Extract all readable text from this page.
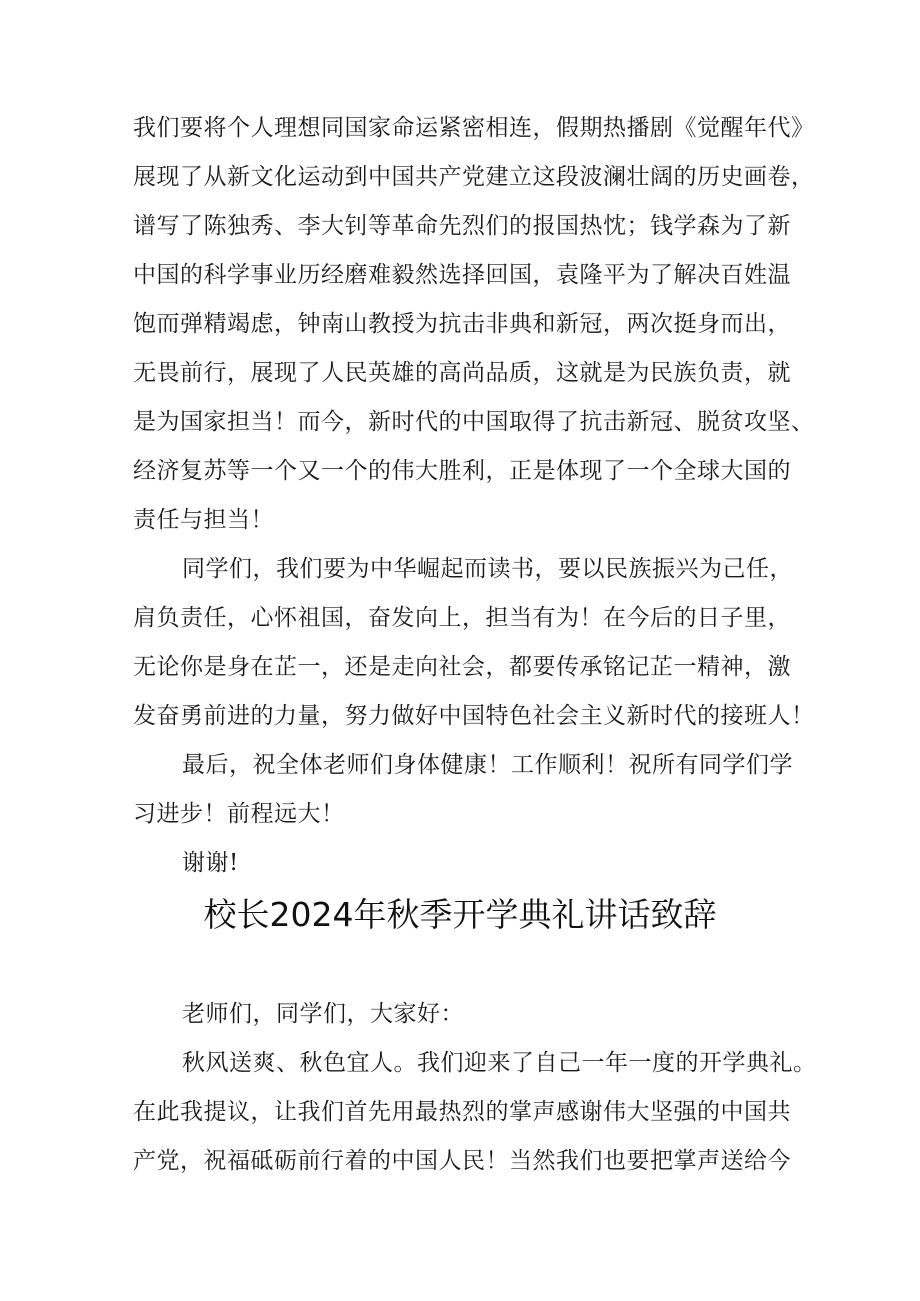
我们要将个人理想同国家命运紧密相连，假期热播剧《觉醒年代》
展现了从新文化运动到中国共产党建立这段波澜壮阔的历史画卷，
谱写了陈独秀、李大钊等革命先烈们的报国热忱；钱学森为了新
中国的科学事业历经磨难毅然选择回国，袁隆平为了解决百姓温
饱而弹精竭虑，钟南山教授为抗击非典和新冠，两次挺身而出，
无畏前行，展现了人民英雄的高尚品质，这就是为民族负责，就
是为国家担当！而今，新时代的中国取得了抗击新冠、脱贫攻坚、
经济复苏等一个又一个的伟大胜利，正是体现了一个全球大国的
责任与担当！
同学们，我们要为中华崛起而读书，要以民族振兴为己任，
肩负责任，心怀祖国，奋发向上，担当有为！在今后的日子里，
无论你是身在芷一，还是走向社会，都要传承铭记芷一精神，激
发奋勇前进的力量，努力做好中国特色社会主义新时代的接班人！
最后，祝全体老师们身体健康！工作顺利！祝所有同学们学
习进步！前程远大！
谢谢!
校长2024年秋季开学典礼讲话致辞
老师们，同学们，大家好：
秋风送爽、秋色宜人。我们迎来了自己一年一度的开学典礼。
在此我提议，让我们首先用最热烈的掌声感谢伟大坚强的中国共
产党，祝福砥砺前行着的中国人民！当然我们也要把掌声送给今
